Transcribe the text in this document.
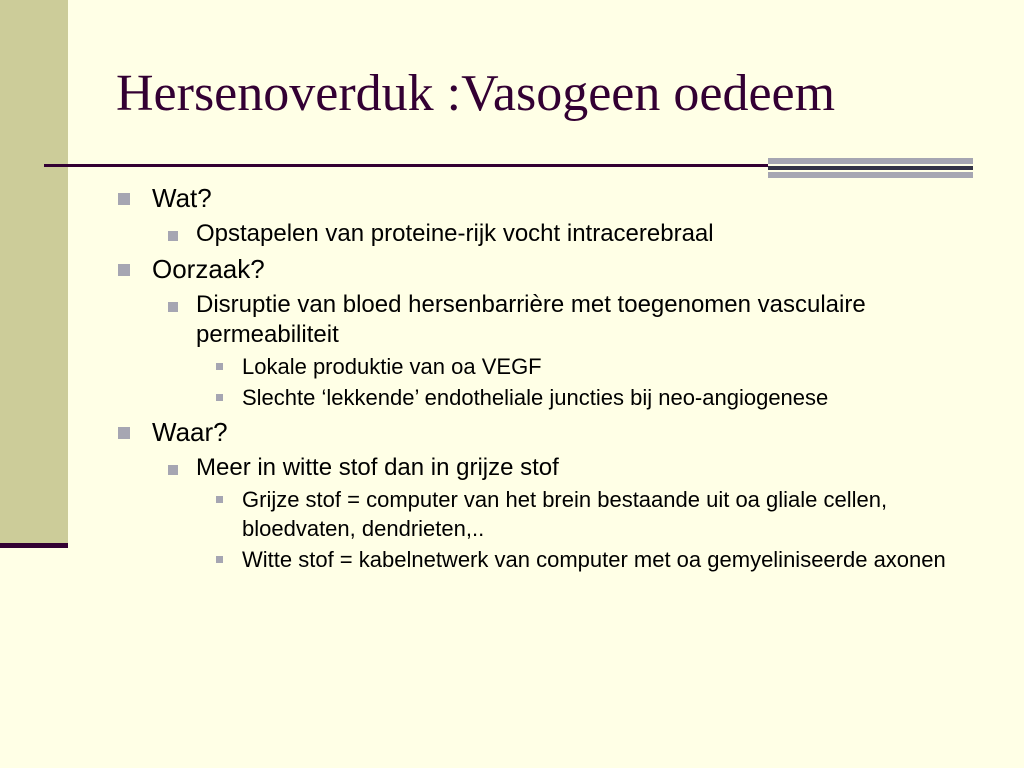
Hersenoverduk :Vasogeen oedeem
Wat?
Opstapelen van proteine-rijk vocht intracerebraal
Oorzaak?
Disruptie van bloed hersenbarrière met toegenomen vasculaire permeabiliteit
Lokale produktie van oa VEGF
Slechte ‘lekkende’ endotheliale juncties bij neo-angiogenese
Waar?
Meer in witte stof dan in grijze stof
Grijze stof = computer van het brein bestaande uit oa gliale cellen, bloedvaten, dendrieten,..
Witte stof = kabelnetwerk van computer met oa gemyeliniseerde axonen
